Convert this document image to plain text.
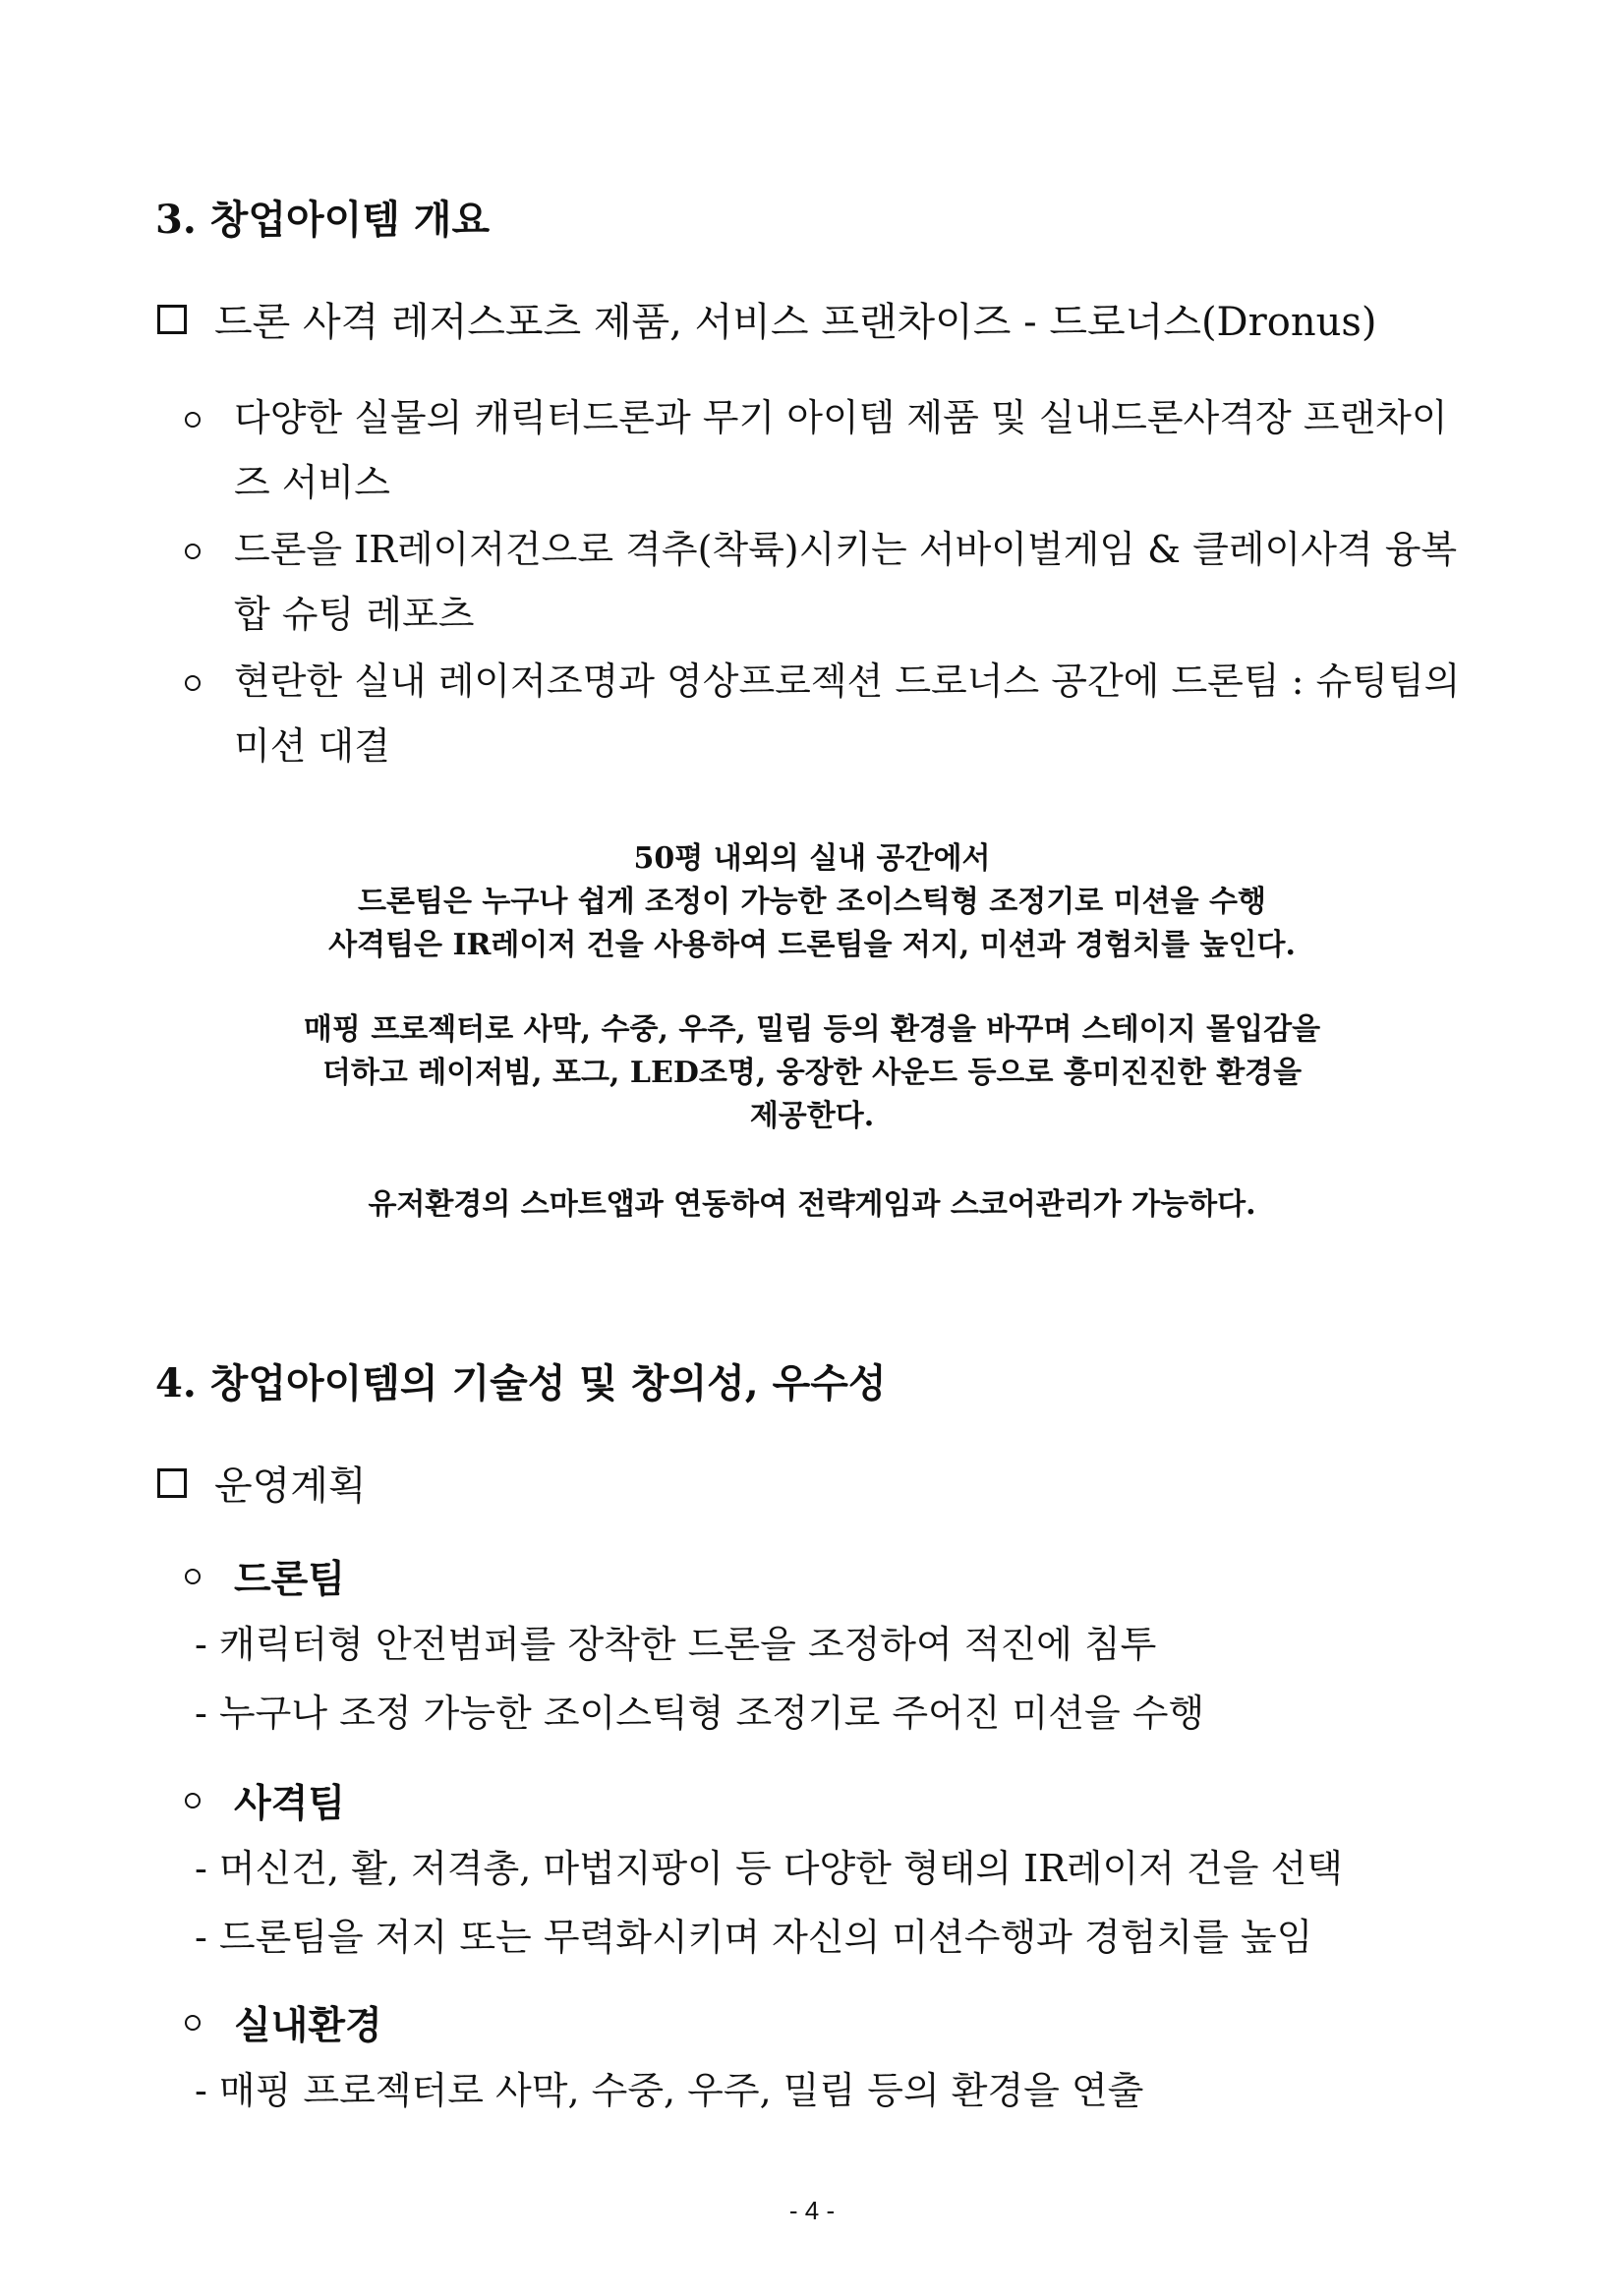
3. 창업아이템 개요
드론 사격 레저스포츠 제품, 서비스 프랜차이즈 - 드로너스(Dronus)
다양한 실물의 캐릭터드론과 무기 아이템 제품 및 실내드론사격장 프랜차이즈 서비스
드론을 IR레이저건으로 격추(착륙)시키는 서바이벌게임 & 클레이사격 융복합 슈팅 레포츠
현란한 실내 레이저조명과 영상프로젝션 드로너스 공간에 드론팀 : 슈팅팀의 미션 대결
50평 내외의 실내 공간에서
드론팀은 누구나 쉽게 조정이 가능한 조이스틱형 조정기로 미션을 수행
사격팀은 IR레이저 건을 사용하여 드론팀을 저지, 미션과 경험치를 높인다.
매핑 프로젝터로 사막, 수중, 우주, 밀림 등의 환경을 바꾸며 스테이지 몰입감을
더하고 레이저빔, 포그, LED조명, 웅장한 사운드 등으로 흥미진진한 환경을
제공한다.
유저환경의 스마트앱과 연동하여 전략게임과 스코어관리가 가능하다.
4. 창업아이템의 기술성 및 창의성, 우수성
운영계획
드론팀
- 캐릭터형 안전범퍼를 장착한 드론을 조정하여 적진에 침투
- 누구나 조정 가능한 조이스틱형 조정기로 주어진 미션을 수행
사격팀
- 머신건, 활, 저격총, 마법지팡이 등 다양한 형태의 IR레이저 건을 선택
- 드론팀을 저지 또는 무력화시키며 자신의 미션수행과 경험치를 높임
실내환경
- 매핑 프로젝터로 사막, 수중, 우주, 밀림 등의 환경을 연출
- 4 -
